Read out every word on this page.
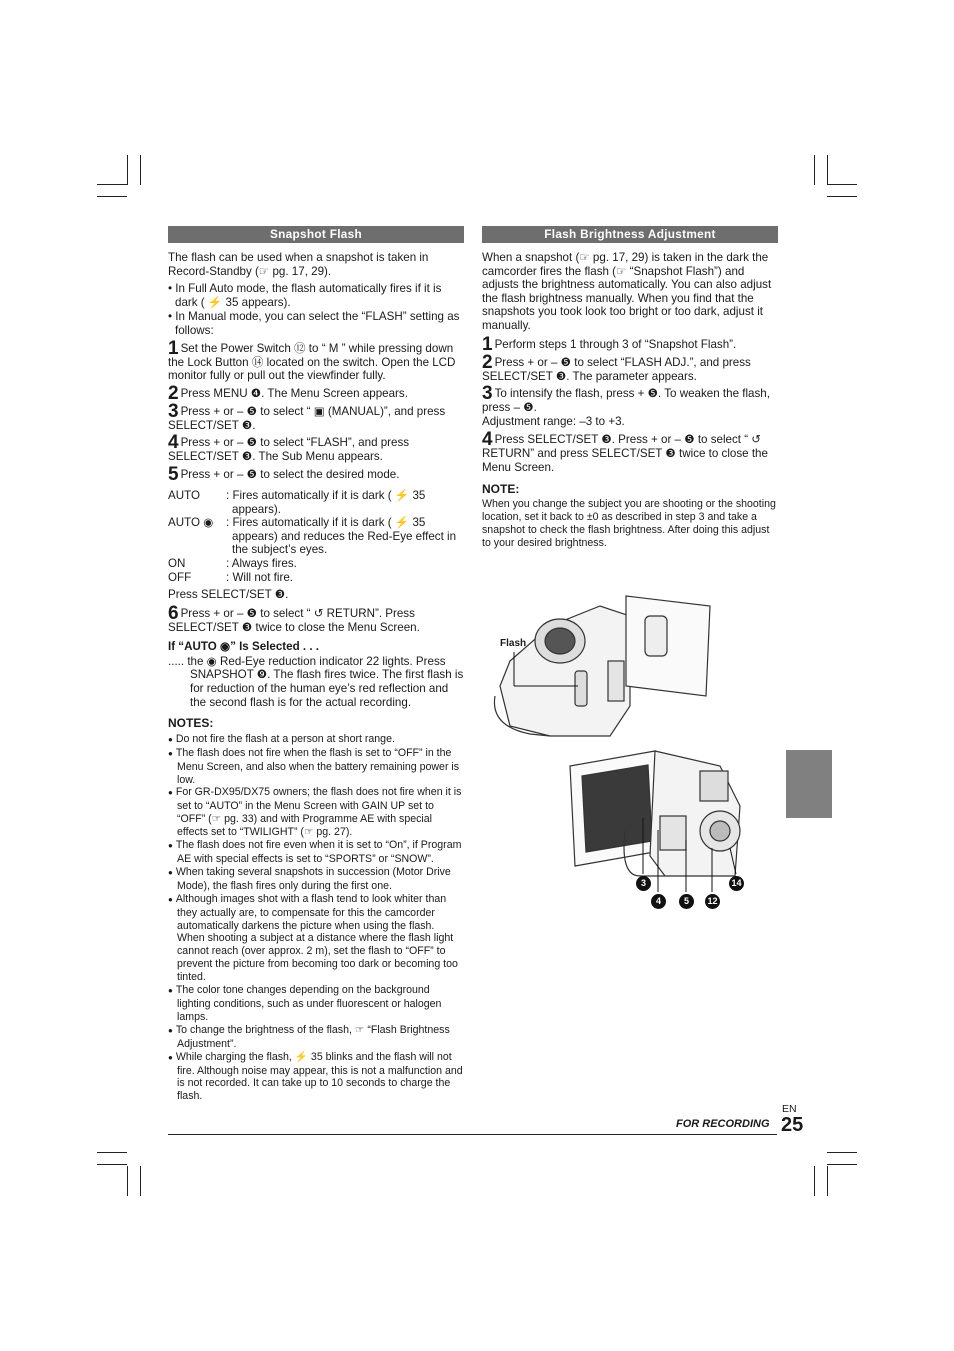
Snapshot Flash

The flash can be used when a snapshot is taken in Record-Standby (☞ pg. 17, 29).

• In Full Auto mode, the flash automatically fires if it is dark ( ⚡ 35 appears).

• In Manual mode, you can select the “FLASH” setting as follows:

1 Set the Power Switch ⑫ to “ M ” while pressing down the Lock Button ⑭ located on the switch. Open the LCD monitor fully or pull out the viewfinder fully.
2 Press MENU ❹. The Menu Screen appears.
3 Press + or – ❺ to select “ ▣ (MANUAL)”, and press SELECT/SET ❸.
4 Press + or – ❺ to select “FLASH”, and press SELECT/SET ❸. The Sub Menu appears.
5 Press + or – ❺ to select the desired mode.
AUTO	: Fires automatically if it is dark ( ⚡ 35 appears).
AUTO ◉	: Fires automatically if it is dark ( ⚡ 35 appears) and reduces the Red-Eye effect in the subject’s eyes.
ON	: Always fires.
OFF	: Will not fire.

Press SELECT/SET ❸.

6 Press + or – ❺ to select “ ↺ RETURN”. Press SELECT/SET ❸ twice to close the Menu Screen.
If “AUTO ◉” Is Selected . . .

..... the ◉ Red-Eye reduction indicator 22 lights. Press SNAPSHOT ❾. The flash fires twice. The first flash is for reduction of the human eye’s red reflection and the second flash is for the actual recording.

NOTES:
● Do not fire the flash at a person at short range.
● The flash does not fire when the flash is set to “OFF” in the Menu Screen, and also when the battery remaining power is low.
● For GR-DX95/DX75 owners; the flash does not fire when it is set to “AUTO” in the Menu Screen with GAIN UP set to “OFF” (☞ pg. 33) and with Programme AE with special effects set to “TWILIGHT” (☞ pg. 27).
● The flash does not fire even when it is set to “On”, if Program AE with special effects is set to “SPORTS” or “SNOW”.
● When taking several snapshots in succession (Motor Drive Mode), the flash fires only during the first one.
● Although images shot with a flash tend to look whiter than they actually are, to compensate for this the camcorder automatically darkens the picture when using the flash. When shooting a subject at a distance where the flash light cannot reach (over approx. 2 m), set the flash to “OFF” to prevent the picture from becoming too dark or becoming too tinted.
● The color tone changes depending on the background lighting conditions, such as under fluorescent or halogen lamps.
● To change the brightness of the flash, ☞ “Flash Brightness Adjustment”.
● While charging the flash, ⚡ 35 blinks and the flash will not fire. Although noise may appear, this is not a malfunction and is not recorded. It can take up to 10 seconds to charge the flash.
Flash Brightness Adjustment

When a snapshot (☞ pg. 17, 29) is taken in the dark the camcorder fires the flash (☞ “Snapshot Flash”) and adjusts the brightness automatically. You can also adjust the flash brightness manually. When you find that the snapshots you took look too bright or too dark, adjust it manually.

1 Perform steps 1 through 3 of “Snapshot Flash”.
2 Press + or – ❺ to select “FLASH ADJ.”, and press SELECT/SET ❸. The parameter appears.
3 To intensify the flash, press + ❺. To weaken the flash, press – ❺.

Adjustment range: –3 to +3.

4 Press SELECT/SET ❸. Press + or – ❺ to select “ ↺ RETURN” and press SELECT/SET ❸ twice to close the Menu Screen.
NOTE:

When you change the subject you are shooting or the shooting location, set it back to ±0 as described in step 3 and take a snapshot to check the flash brightness. After doing this adjust to your desired brightness.

Flash
3
4	5	12
14
FOR RECORDING
EN
25
